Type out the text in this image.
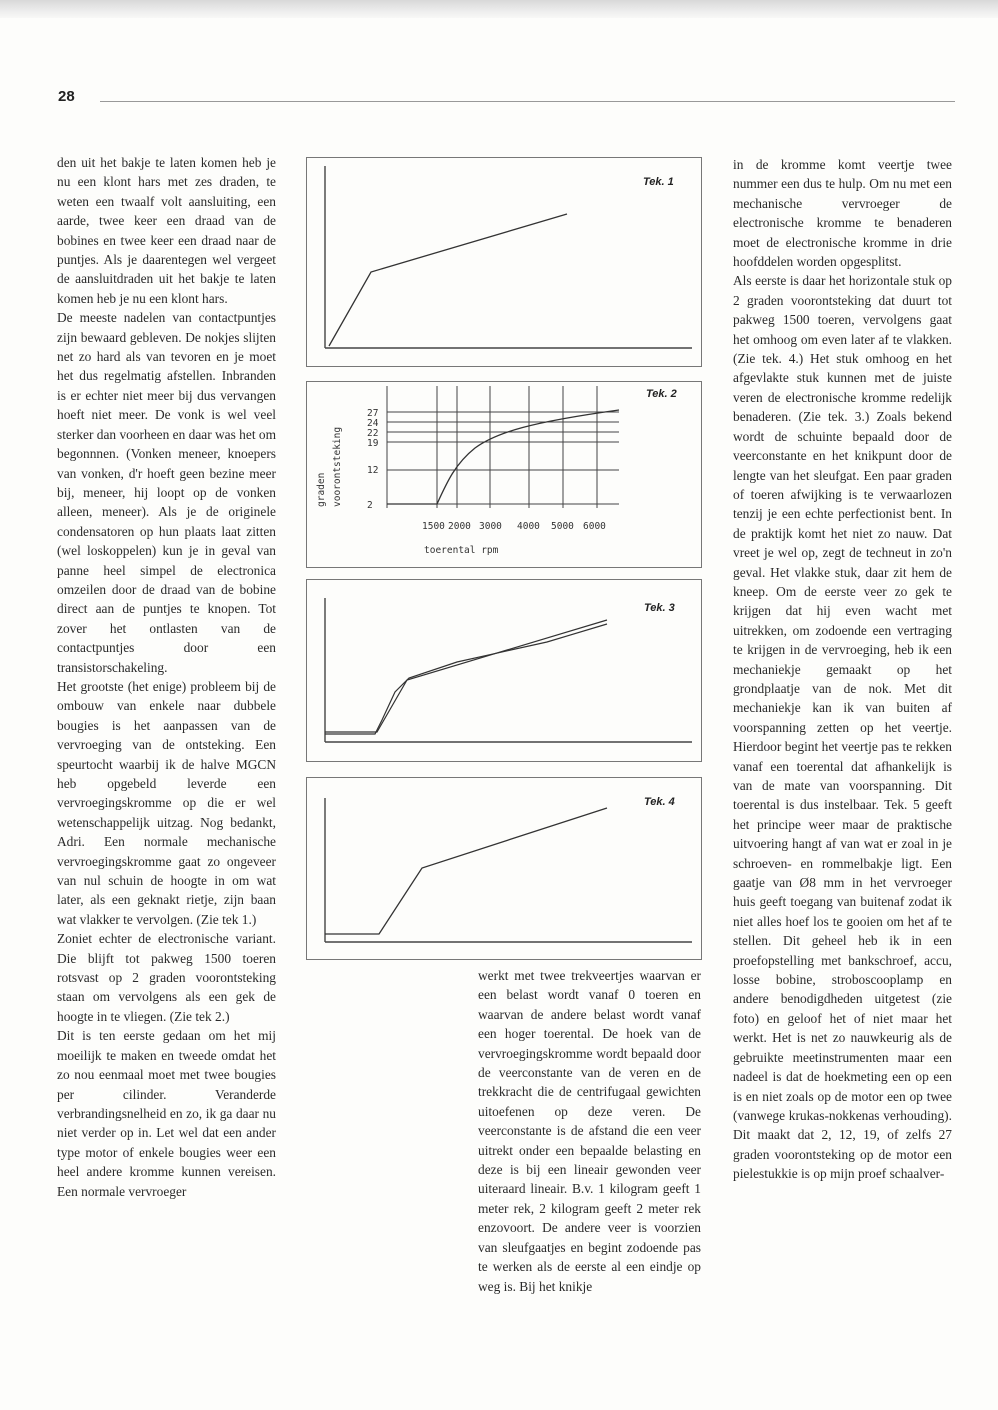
28

den uit het bakje te laten komen heb je nu een klont hars met zes draden, te weten een twaalf volt aansluiting, een aarde, twee keer een draad van de bobines en twee keer een draad naar de puntjes. Als je daarentegen wel vergeet de aansluitdraden uit het bakje te laten komen heb je nu een klont hars.

De meeste nadelen van contactpuntjes zijn bewaard gebleven. De nokjes slijten net zo hard als van tevoren en je moet het dus regelmatig afstellen. Inbranden is er echter niet meer bij dus vervangen hoeft niet meer. De vonk is wel veel sterker dan voorheen en daar was het om begonnnen. (Vonken meneer, knoepers van vonken, d'r hoeft geen bezine meer bij, meneer, hij loopt op de vonken alleen, meneer). Als je de originele condensatoren op hun plaats laat zitten (wel loskoppelen) kun je in geval van panne heel simpel de electronica omzeilen door de draad van de bobine direct aan de puntjes te knopen. Tot zover het ontlasten van de contactpuntjes door een transistorschakeling.

Het grootste (het enige) probleem bij de ombouw van enkele naar dubbele bougies is het aanpassen van de vervroeging van de ontsteking. Een speurtocht waarbij ik de halve MGCN heb opgebeld leverde een vervroegingskromme op die er wel wetenschappelijk uitzag. Nog bedankt, Adri. Een normale mechanische vervroegingskromme gaat zo ongeveer van nul schuin de hoogte in om wat later, als een geknakt rietje, zijn baan wat vlakker te vervolgen. (Zie tek 1.)

Zoniet echter de electronische variant. Die blijft tot pakweg 1500 toeren rotsvast op 2 graden voorontsteking staan om vervolgens als een gek de hoogte in te vliegen. (Zie tek 2.)

Dit is ten eerste gedaan om het mij moeilijk te maken en tweede omdat het zo nou eenmaal moet met twee bougies per cilinder. Veranderde verbrandingsnelheid en zo, ik ga daar nu niet verder op in. Let wel dat een ander type motor of enkele bougies weer een heel andere kromme kunnen vereisen. Een normale vervroeger

Tek. 1
graden voorontsteking
27
24
22
19
12
2
1500 2000 3000 4000 5000 6000
toerental rpm
Tek. 2
Tek. 3
Tek. 4

werkt met twee trekveertjes waarvan er een belast wordt vanaf 0 toeren en waarvan de andere belast wordt vanaf een hoger toerental. De hoek van de vervroegingskromme wordt bepaald door de veerconstante van de veren en de trekkracht die de centrifugaal gewichten uitoefenen op deze veren. De veerconstante is de afstand die een veer uitrekt onder een bepaalde belasting en deze is bij een lineair gewonden veer uiteraard lineair. B.v. 1 kilogram geeft 1 meter rek, 2 kilogram geeft 2 meter rek enzovoort. De andere veer is voorzien van sleufgaatjes en begint zodoende pas te werken als de eerste al een eindje op weg is. Bij het knikje

in de kromme komt veertje twee nummer een dus te hulp. Om nu met een mechanische vervroeger de electronische kromme te benaderen moet de electronische kromme in drie hoofddelen worden opgesplitst.

Als eerste is daar het horizontale stuk op 2 graden voorontsteking dat duurt tot pakweg 1500 toeren, vervolgens gaat het omhoog om even later af te vlakken. (Zie tek. 4.) Het stuk omhoog en het afgevlakte stuk kunnen met de juiste veren de electronische kromme redelijk benaderen. (Zie tek. 3.) Zoals bekend wordt de schuinte bepaald door de veerconstante en het knikpunt door de lengte van het sleufgat. Een paar graden of toeren afwijking is te verwaarlozen tenzij je een echte perfectionist bent. In de praktijk komt het niet zo nauw. Dat vreet je wel op, zegt de techneut in zo'n geval. Het vlakke stuk, daar zit hem de kneep. Om de eerste veer zo gek te krijgen dat hij even wacht met uitrekken, om zodoende een vertraging te krijgen in de vervroeging, heb ik een mechaniekje gemaakt op het grondplaatje van de nok. Met dit mechaniekje kan ik van buiten af voorspanning zetten op het veertje. Hierdoor begint het veertje pas te rekken vanaf een toerental dat afhankelijk is van de mate van voorspanning. Dit toerental is dus instelbaar. Tek. 5 geeft het principe weer maar de praktische uitvoering hangt af van wat er zoal in je schroeven- en rommelbakje ligt. Een gaatje van Ø8 mm in het vervroeger huis geeft toegang van buitenaf zodat ik niet alles hoef los te gooien om het af te stellen. Dit geheel heb ik in een proefopstelling met bankschroef, accu, losse bobine, stroboscooplamp en andere benodigdheden uitgetest (zie foto) en geloof het of niet maar het werkt. Het is net zo nauwkeurig als de gebruikte meetinstrumenten maar een nadeel is dat de hoekmeting een op een is en niet zoals op de motor een op twee (vanwege krukas-nokkenas verhouding). Dit maakt dat 2, 12, 19, of zelfs 27 graden voorontsteking op de motor een pielestukkie is op mijn proef schaalver-
